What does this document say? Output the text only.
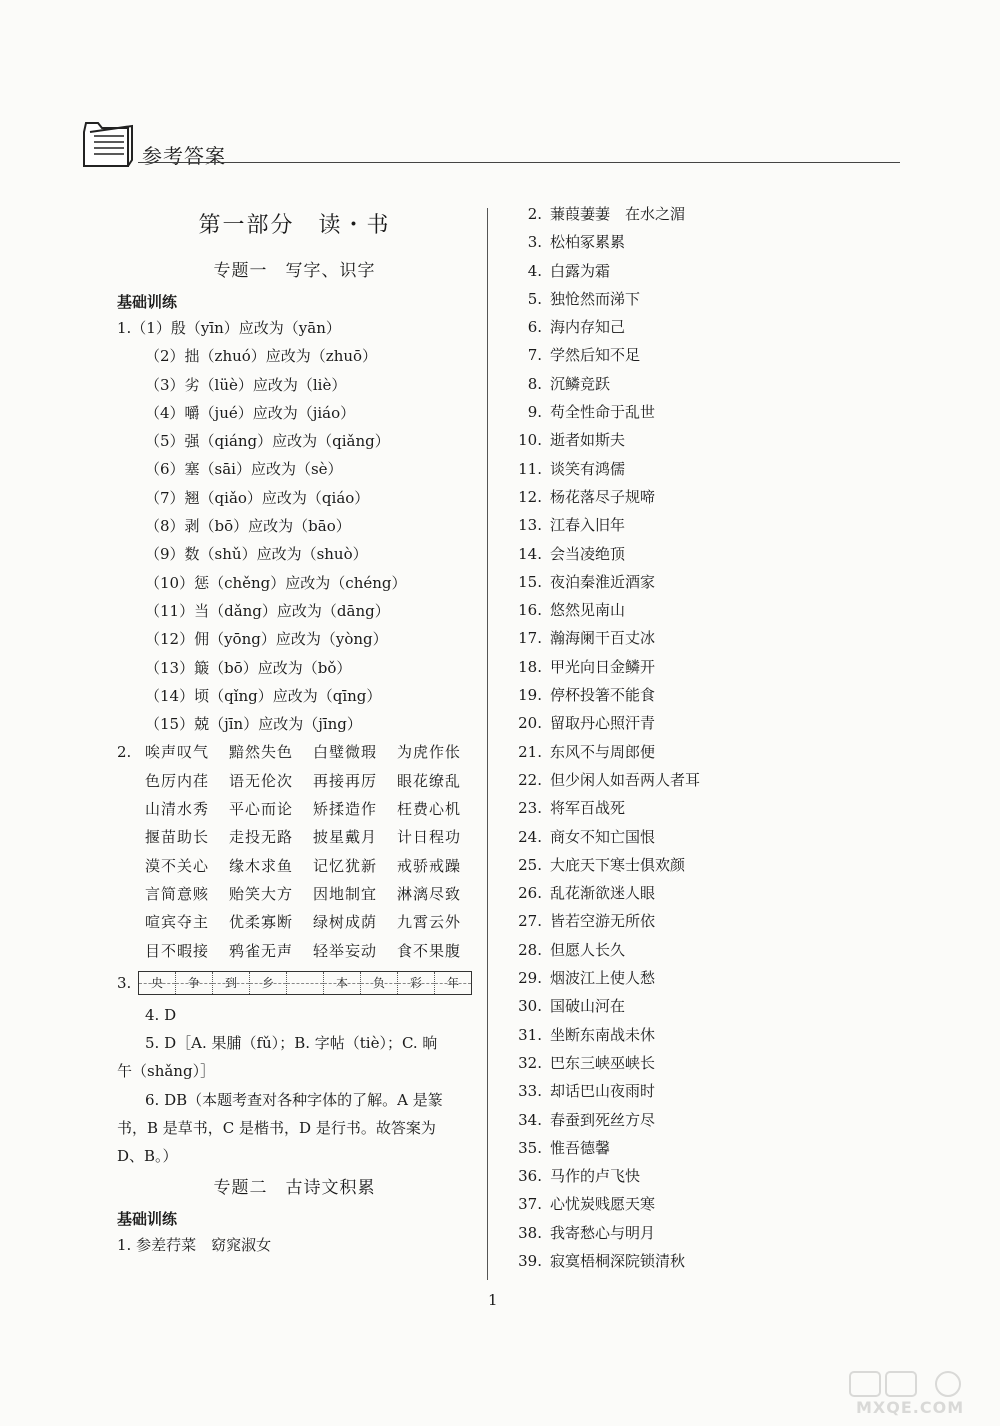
参考答案
第一部分　读・书
专题一　写字、识字
基础训练
1.（1）殷（yīn）应改为（yān）
（2）拙（zhuó）应改为（zhuō）
（3）劣（lüè）应改为（liè）
（4）嚼（jué）应改为（jiáo）
（5）强（qiáng）应改为（qiǎng）
（6）塞（sāi）应改为（sè）
（7）翘（qiǎo）应改为（qiáo）
（8）剥（bō）应改为（bāo）
（9）数（shǔ）应改为（shuò）
（10）惩（chěng）应改为（chéng）
（11）当（dǎng）应改为（dāng）
（12）佣（yōng）应改为（yòng）
（13）簸（bō）应改为（bǒ）
（14）顷（qǐng）应改为（qīng）
（15）兢（jīn）应改为（jīng）
2. 唉声叹气	黯然失色	白璧微瑕	为虎作伥
色厉内荏	语无伦次	再接再厉	眼花缭乱
山清水秀	平心而论	矫揉造作	枉费心机
揠苗助长	走投无路	披星戴月	计日程功
漠不关心	缘木求鱼	记忆犹新	戒骄戒躁
言简意赅	贻笑大方	因地制宜	淋漓尽致
喧宾夺主	优柔寡断	绿树成荫	九霄云外
目不暇接	鸦雀无声	轻举妄动	食不果腹
3.	央	争	到	乡	本	负	彩	年
4. D
5. D［A. 果脯（fǔ）；B. 字帖（tiè）；C. 晌
午（shǎng）］
6. DB（本题考查对各种字体的了解。A 是篆
书，B 是草书，C 是楷书，D 是行书。故答案为
D、B。）
专题二　古诗文积累
基础训练
1. 参差荇菜　窈窕淑女
2. 蒹葭萋萋　在水之湄
3. 松柏冢累累
4. 白露为霜
5. 独怆然而涕下
6. 海内存知己
7. 学然后知不足
8. 沉鳞竞跃
9. 苟全性命于乱世
10. 逝者如斯夫
11. 谈笑有鸿儒
12. 杨花落尽子规啼
13. 江春入旧年
14. 会当凌绝顶
15. 夜泊秦淮近酒家
16. 悠然见南山
17. 瀚海阑干百丈冰
18. 甲光向日金鳞开
19. 停杯投箸不能食
20. 留取丹心照汗青
21. 东风不与周郎便
22. 但少闲人如吾两人者耳
23. 将军百战死
24. 商女不知亡国恨
25. 大庇天下寒士俱欢颜
26. 乱花渐欲迷人眼
27. 皆若空游无所依
28. 但愿人长久
29. 烟波江上使人愁
30. 国破山河在
31. 坐断东南战未休
32. 巴东三峡巫峡长
33. 却话巴山夜雨时
34. 春蚕到死丝方尽
35. 惟吾德馨
36. 马作的卢飞快
37. 心忧炭贱愿天寒
38. 我寄愁心与明月
39. 寂寞梧桐深院锁清秋
1
MXQE.COM
